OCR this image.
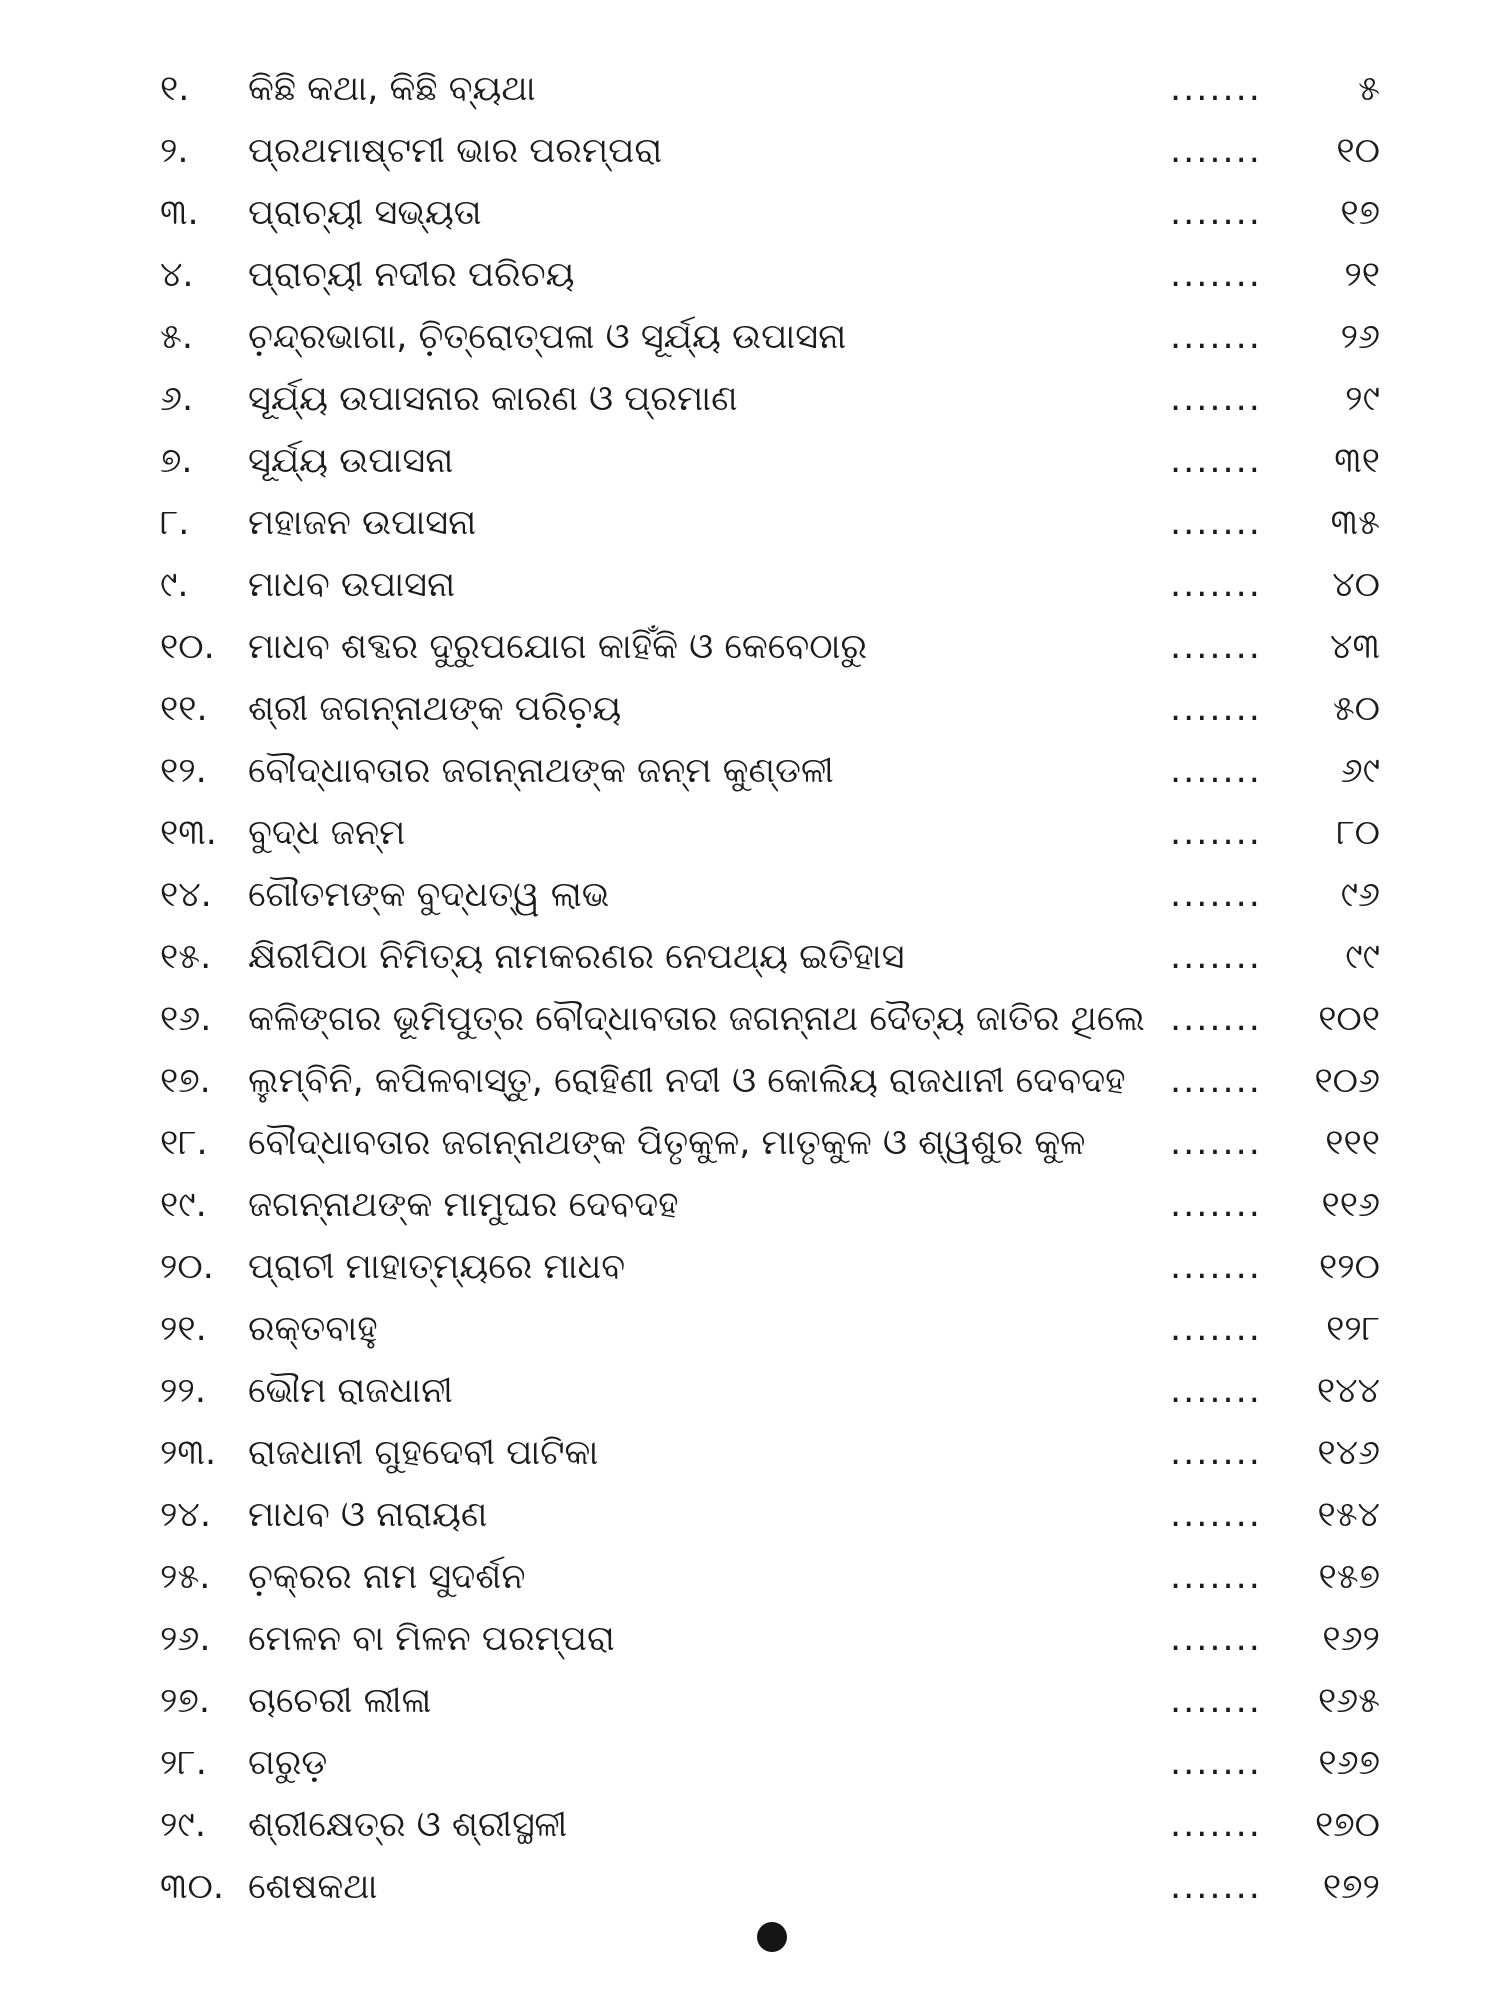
୧.	କିଛି କଥା, କିଛି ବ୍ୟଥା	.......	୫
୨.	ପ୍ରଥମାଷ୍ଟମୀ ଭାର ପରମ୍ପରା	.......	୧୦
୩.	ପ୍ରାଚ୍ୟୀ ସଭ୍ୟତା	.......	୧୭
୪.	ପ୍ରାଚ୍ୟୀ ନଦୀର ପରିଚୟ	.......	୨୧
୫.	ଚ଼ନ୍ଦ୍ରଭାଗା, ଚ଼ିତ୍ରୋତ୍ପଳା ଓ ସୂର୍ଯ୍ୟ ଉପାସନା	.......	୨୬
୬.	ସୂର୍ଯ୍ୟ ଉପାସନାର କାରଣ ଓ ପ୍ରମାଣ	.......	୨୯
୭.	ସୂର୍ଯ୍ୟ ଉପାସନା	.......	୩୧
୮.	ମହାଜନ ଉପାସନା	.......	୩୫
୯.	ମାଧବ ଉପାସନା	.......	୪୦
୧୦. ମାଧବ ଶବ୍ଦର ଦୁରୁପଯୋଗ କାହିଁକି ଓ କେବେଠାରୁ	.......	୪୩
୧୧.	ଶ୍ରୀ ଜଗନ୍ନାଥଙ୍କ ପରିଚ଼ୟ	.......	୫୦
୧୨.	ବୌଦ୍ଧାବତାର ଜଗନ୍ନାଥଙ୍କ ଜନ୍ମ କୁଣ୍ଡଳୀ	.......	୬୯
୧୩. ବୁଦ୍ଧ ଜନ୍ମ	.......	୮୦
୧୪.	ଗୌତମଙ୍କ ବୁଦ୍ଧତ୍ୱ ଲାଭ	.......	୯୬
୧୫.	କ୍ଷିରୀପିଠା ନିମିତ୍ୟ ନାମକରଣର ନେପଥ୍ୟ ଇତିହାସ	.......	୯୯
୧୬.	କଳିଙ୍ଗର ଭୂମିପୁତ୍ର ବୌଦ୍ଧାବତାର ଜଗନ୍ନାଥ ଦୈତ୍ୟ ଜାତିର ଥିଲେ .......	୧୦୧
୧୭.	ଲୁମ୍ବିନି, କପିଳବାସ୍ତୁ, ରୋହିଣୀ ନଦୀ ଓ କୋଲିୟ ରାଜଧାନୀ ଦେବଦହ .......	୧୦୬
୧୮.	ବୌଦ୍ଧାବତାର ଜଗନ୍ନାଥଙ୍କ ପିତୃକୁଳ, ମାତୃକୁଳ ଓ ଶ୍ୱଶୁର କୁଳ .......	୧୧୧
୧୯.	ଜଗନ୍ନାଥଙ୍କ ମାମୁଘର ଦେବଦହ	.......	୧୧୬
୨୦. ପ୍ରାଚୀ ମାହାତ୍ମ୍ୟରେ ମାଧବ	.......	୧୨୦
୨୧.	ରକ୍ତବାହୁ	.......	୧୨୮
୨୨.	ଭୌମ ରାଜଧାନୀ	.......	୧୪୪
୨୩. ରାଜଧାନୀ ଗୁହଦେବୀ ପାଟିକା	.......	୧୪୬
୨୪.	ମାଧବ ଓ ନାରାୟଣ	.......	୧୫୪
୨୫.	ଚ଼କ୍ରର ନାମ ସୁଦର୍ଶନ	.......	୧୫୭
୨୬.	ମେଳନ ବା ମିଳନ ପରମ୍ପରା	.......	୧୬୨
୨୭.	ଚାଚେରୀ ଲୀଳା	.......	୧୬୫
୨୮.	ଗରୁଡ଼	.......	୧୬୭
୨୯.	ଶ୍ରୀକ୍ଷେତ୍ର ଓ ଶ୍ରୀସ୍ଥଳୀ	.......	୧୭୦
୩୦. ଶେଷକଥା	.......	୧୭୨
